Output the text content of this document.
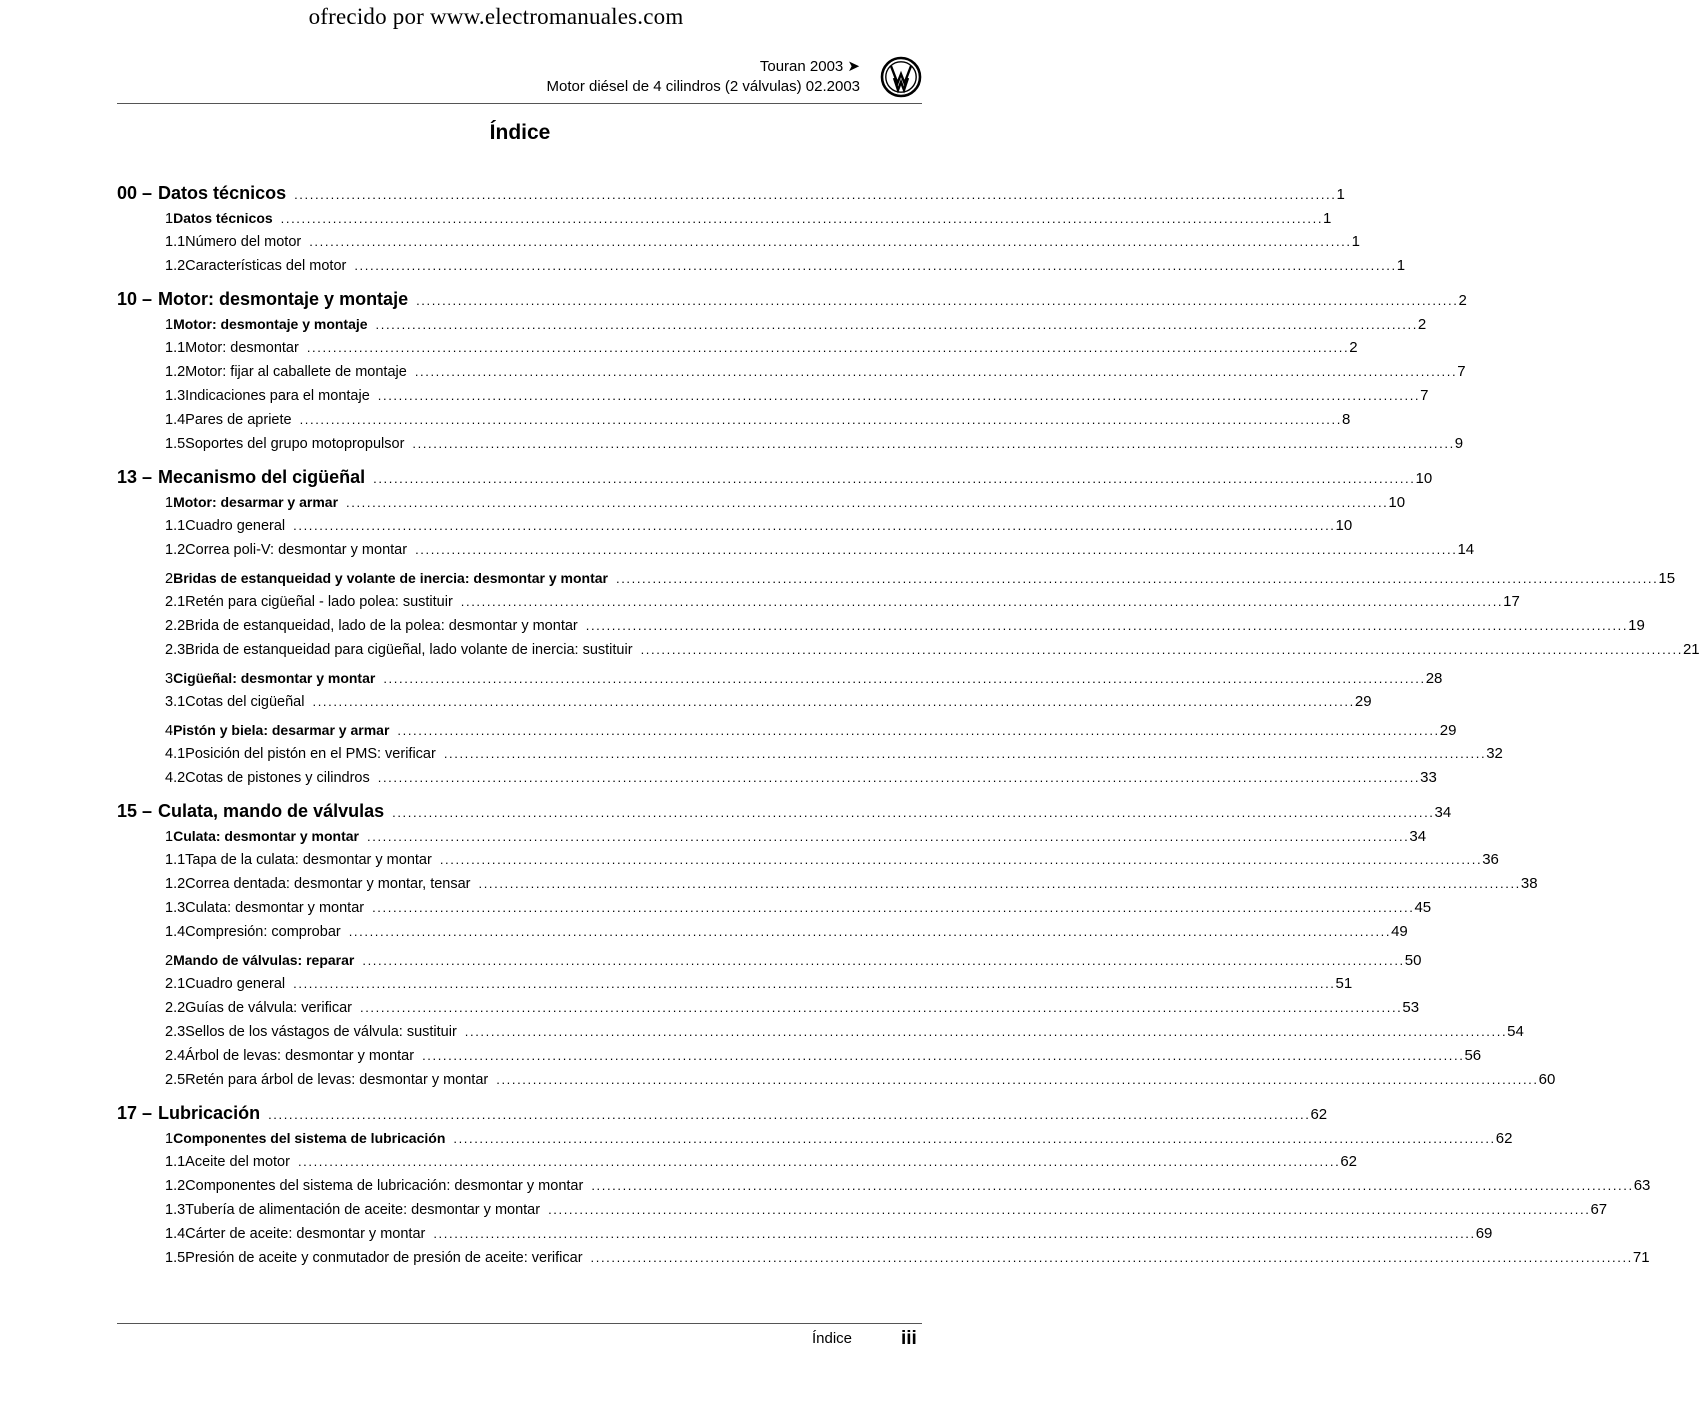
ofrecido por www.electromanuales.com
Touran 2003 ➤
Motor diésel de 4 cilindros (2 válvulas) 02.2003
Índice
00 – Datos técnicos ........................................................................................................................................................................................................ 1
1 Datos técnicos ........................................................................................................................................................................................................ 1
1.1 Número del motor ........................................................................................................................................................................................................ 1
1.2 Características del motor ........................................................................................................................................................................................................ 1
10 – Motor: desmontaje y montaje ........................................................................................................................................................................................................ 2
1 Motor: desmontaje y montaje ........................................................................................................................................................................................................ 2
1.1 Motor: desmontar ........................................................................................................................................................................................................ 2
1.2 Motor: fijar al caballete de montaje ........................................................................................................................................................................................................ 7
1.3 Indicaciones para el montaje ........................................................................................................................................................................................................ 7
1.4 Pares de apriete ........................................................................................................................................................................................................ 8
1.5 Soportes del grupo motopropulsor ........................................................................................................................................................................................................ 9
13 – Mecanismo del cigüeñal ........................................................................................................................................................................................................ 10
1 Motor: desarmar y armar ........................................................................................................................................................................................................ 10
1.1 Cuadro general ........................................................................................................................................................................................................ 10
1.2 Correa poli-V: desmontar y montar ........................................................................................................................................................................................................ 14
2 Bridas de estanqueidad y volante de inercia: desmontar y montar ........................................................................................................................................................................................................ 15
2.1 Retén para cigüeñal - lado polea: sustituir ........................................................................................................................................................................................................ 17
2.2 Brida de estanqueidad, lado de la polea: desmontar y montar ........................................................................................................................................................................................................ 19
2.3 Brida de estanqueidad para cigüeñal, lado volante de inercia: sustituir ........................................................................................................................................................................................................ 21
3 Cigüeñal: desmontar y montar ........................................................................................................................................................................................................ 28
3.1 Cotas del cigüeñal ........................................................................................................................................................................................................ 29
4 Pistón y biela: desarmar y armar ........................................................................................................................................................................................................ 29
4.1 Posición del pistón en el PMS: verificar ........................................................................................................................................................................................................ 32
4.2 Cotas de pistones y cilindros ........................................................................................................................................................................................................ 33
15 – Culata, mando de válvulas ........................................................................................................................................................................................................ 34
1 Culata: desmontar y montar ........................................................................................................................................................................................................ 34
1.1 Tapa de la culata: desmontar y montar ........................................................................................................................................................................................................ 36
1.2 Correa dentada: desmontar y montar, tensar ........................................................................................................................................................................................................ 38
1.3 Culata: desmontar y montar ........................................................................................................................................................................................................ 45
1.4 Compresión: comprobar ........................................................................................................................................................................................................ 49
2 Mando de válvulas: reparar ........................................................................................................................................................................................................ 50
2.1 Cuadro general ........................................................................................................................................................................................................ 51
2.2 Guías de válvula: verificar ........................................................................................................................................................................................................ 53
2.3 Sellos de los vástagos de válvula: sustituir ........................................................................................................................................................................................................ 54
2.4 Árbol de levas: desmontar y montar ........................................................................................................................................................................................................ 56
2.5 Retén para árbol de levas: desmontar y montar ........................................................................................................................................................................................................ 60
17 – Lubricación ........................................................................................................................................................................................................ 62
1 Componentes del sistema de lubricación ........................................................................................................................................................................................................ 62
1.1 Aceite del motor ........................................................................................................................................................................................................ 62
1.2 Componentes del sistema de lubricación: desmontar y montar ........................................................................................................................................................................................................ 63
1.3 Tubería de alimentación de aceite: desmontar y montar ........................................................................................................................................................................................................ 67
1.4 Cárter de aceite: desmontar y montar ........................................................................................................................................................................................................ 69
1.5 Presión de aceite y conmutador de presión de aceite: verificar ........................................................................................................................................................................................................ 71
Índice	iii
